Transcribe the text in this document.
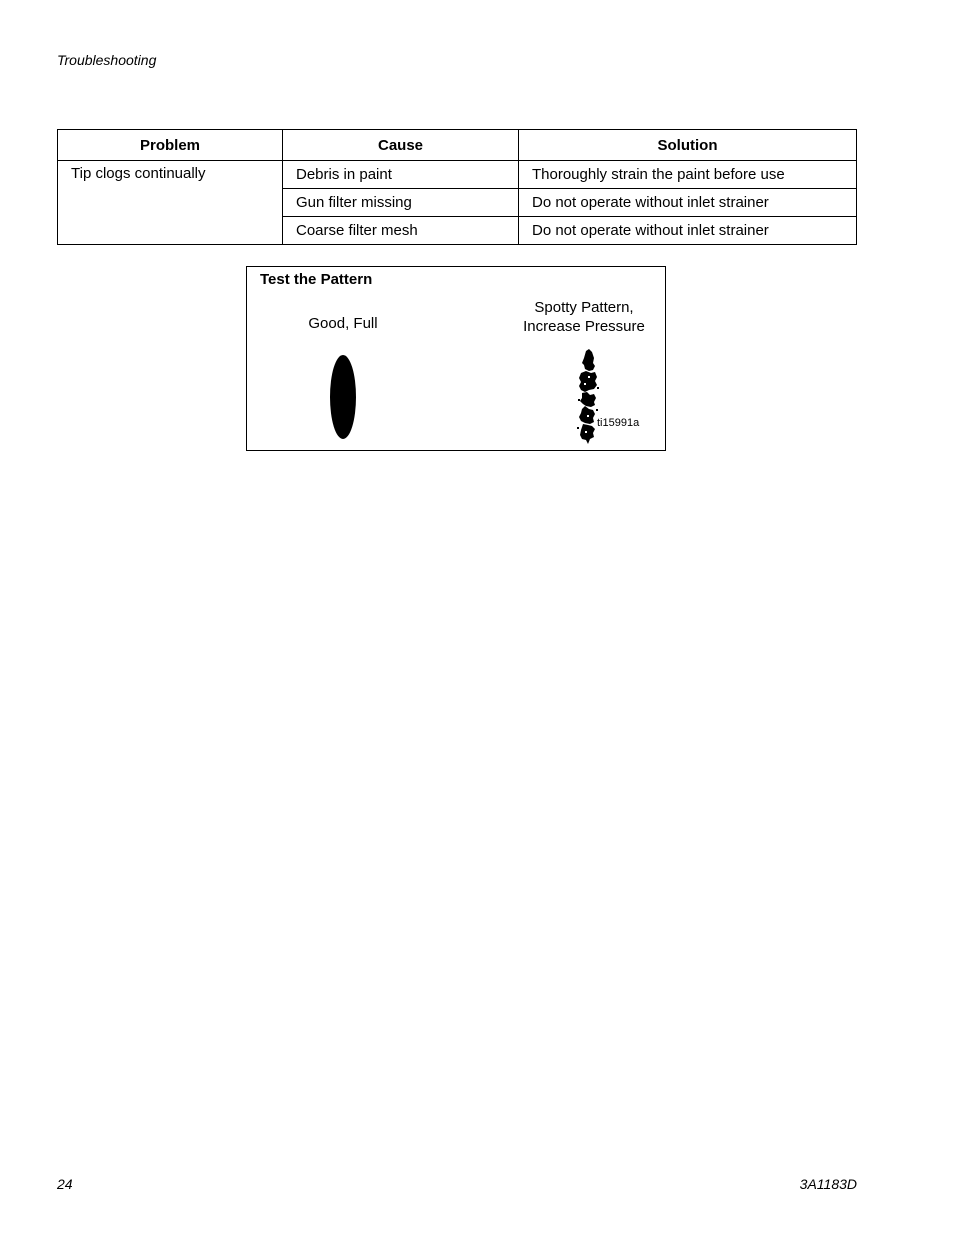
Troubleshooting
Problem	Cause	Solution
Tip clogs continually	Debris in paint	Thoroughly strain the paint before use
	Gun filter missing	Do not operate without inlet strainer
	Coarse filter mesh	Do not operate without inlet strainer
Test the Pattern
Good, Full
Spotty Pattern,
Increase Pressure
ti15991a
24	3A1183D
